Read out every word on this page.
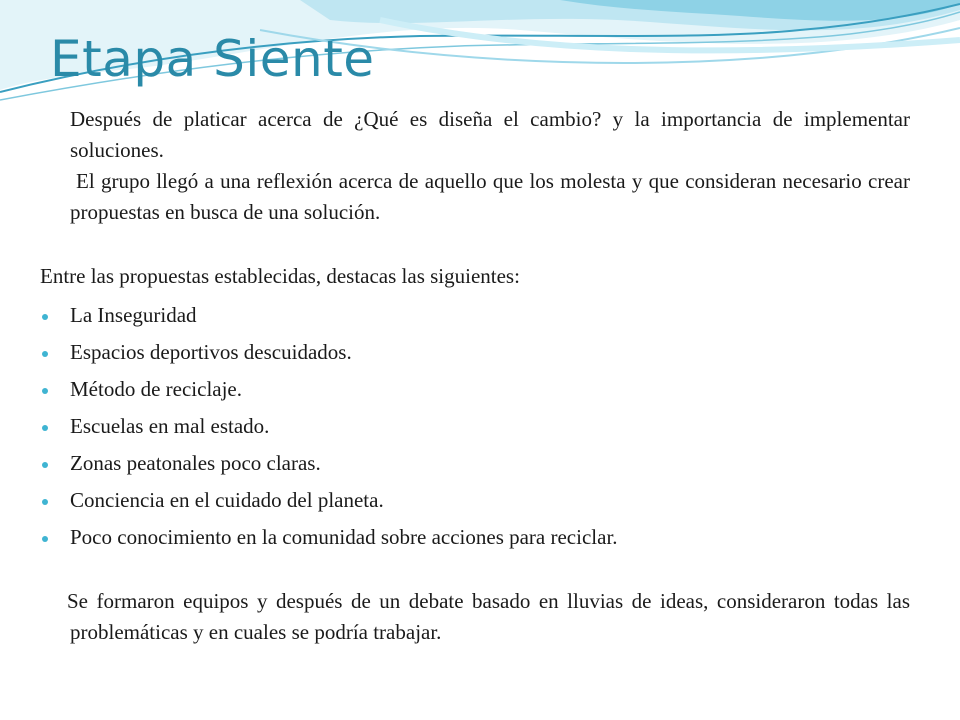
Etapa Siente

Después de platicar acerca de ¿Qué es diseña el cambio? y la importancia de implementar soluciones.

El grupo llegó a una reflexión acerca de aquello que los molesta y que consideran necesario crear propuestas en busca de una solución.

Entre las propuestas establecidas, destacas las siguientes:

La Inseguridad
Espacios deportivos descuidados.
Método de reciclaje.
Escuelas en mal estado.
Zonas peatonales poco claras.
Conciencia en el cuidado del planeta.
Poco conocimiento en la comunidad sobre acciones para reciclar.

Se formaron equipos y después de un debate basado en lluvias de ideas, consideraron todas las problemáticas y en cuales se podría trabajar.
